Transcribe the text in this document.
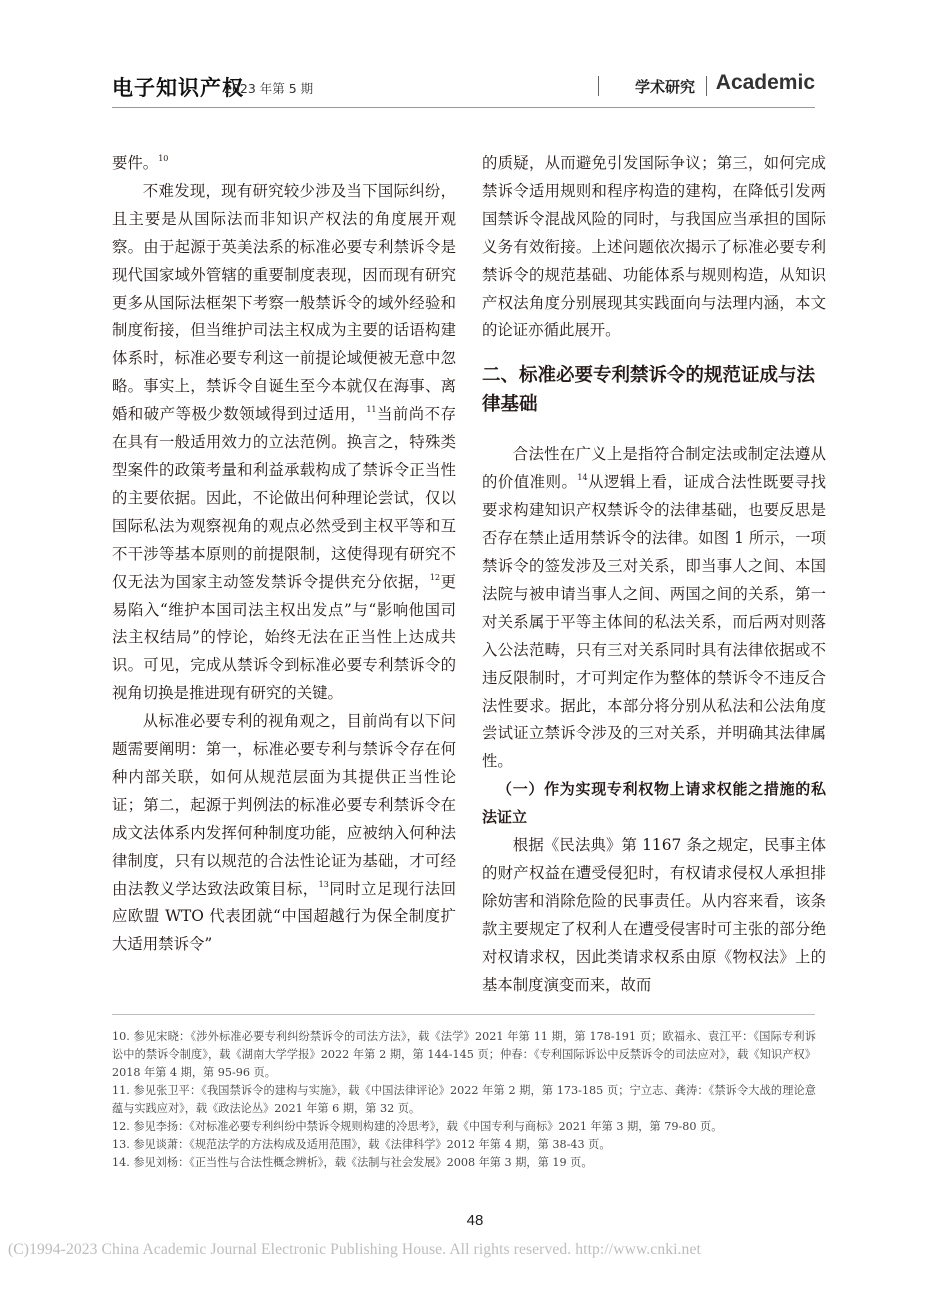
电子知识产权
2023 年第 5 期	学术研究 Academic

要件。$^{10}$

不难发现，现有研究较少涉及当下国际纠纷，且主要是从国际法而非知识产权法的角度展开观察。由于起源于英美法系的标准必要专利禁诉令是现代国家域外管辖的重要制度表现，因而现有研究更多从国际法框架下考察一般禁诉令的域外经验和制度衔接，但当维护司法主权成为主要的话语构建体系时，标准必要专利这一前提论域便被无意中忽略。事实上，禁诉令自诞生至今本就仅在海事、离婚和破产等极少数领域得到过适用，$^{11}$当前尚不存在具有一般适用效力的立法范例。换言之，特殊类型案件的政策考量和利益承载构成了禁诉令正当性的主要依据。因此，不论做出何种理论尝试，仅以国际私法为观察视角的观点必然受到主权平等和互不干涉等基本原则的前提限制，这使得现有研究不仅无法为国家主动签发禁诉令提供充分依据，$^{12}$更易陷入“维护本国司法主权出发点”与“影响他国司法主权结局”的悖论，始终无法在正当性上达成共识。可见，完成从禁诉令到标准必要专利禁诉令的视角切换是推进现有研究的关键。

从标准必要专利的视角观之，目前尚有以下问题需要阐明：第一，标准必要专利与禁诉令存在何种内部关联，如何从规范层面为其提供正当性论证；第二，起源于判例法的标准必要专利禁诉令在成文法体系内发挥何种制度功能，应被纳入何种法律制度，只有以规范的合法性论证为基础，才可经由法教义学达致法政策目标，$^{13}$同时立足现行法回应欧盟 WTO 代表团就“中国超越行为保全制度扩大适用禁诉令”

的质疑，从而避免引发国际争议；第三，如何完成禁诉令适用规则和程序构造的建构，在降低引发两国禁诉令混战风险的同时，与我国应当承担的国际义务有效衔接。上述问题依次揭示了标准必要专利禁诉令的规范基础、功能体系与规则构造，从知识产权法角度分别展现其实践面向与法理内涵，本文的论证亦循此展开。

二、标准必要专利禁诉令的规范证成与法律基础

合法性在广义上是指符合制定法或制定法遵从的价值准则。$^{14}$从逻辑上看，证成合法性既要寻找要求构建知识产权禁诉令的法律基础，也要反思是否存在禁止适用禁诉令的法律。如图 1 所示，一项禁诉令的签发涉及三对关系，即当事人之间、本国法院与被申请当事人之间、两国之间的关系，第一对关系属于平等主体间的私法关系，而后两对则落入公法范畴，只有三对关系同时具有法律依据或不违反限制时，才可判定作为整体的禁诉令不违反合法性要求。据此，本部分将分别从私法和公法角度尝试证立禁诉令涉及的三对关系，并明确其法律属性。

（一）作为实现专利权物上请求权能之措施的私法证立

根据《民法典》第 1167 条之规定，民事主体的财产权益在遭受侵犯时，有权请求侵权人承担排除妨害和消除危险的民事责任。从内容来看，该条款主要规定了权利人在遭受侵害时可主张的部分绝对权请求权，因此类请求权系由原《物权法》上的基本制度演变而来，故而

10. 参见宋晓：《涉外标准必要专利纠纷禁诉令的司法方法》，载《法学》2021 年第 11 期，第 178-191 页；欧福永、袁江平：《国际专利诉讼中的禁诉令制度》，载《湖南大学学报》2022 年第 2 期，第 144-145 页；仲春：《专利国际诉讼中反禁诉令的司法应对》，载《知识产权》2018 年第 4 期，第 95-96 页。
11. 参见张卫平：《我国禁诉令的建构与实施》，载《中国法律评论》2022 年第 2 期，第 173-185 页；宁立志、龚涛：《禁诉令大战的理论意蕴与实践应对》，载《政法论丛》2021 年第 6 期，第 32 页。
12. 参见李扬：《对标准必要专利纠纷中禁诉令规则构建的冷思考》，载《中国专利与商标》2021 年第 3 期，第 79-80 页。
13. 参见谈萧：《规范法学的方法构成及适用范围》，载《法律科学》2012 年第 4 期，第 38-43 页。
14. 参见刘杨：《正当性与合法性概念辨析》，载《法制与社会发展》2008 年第 3 期，第 19 页。
48
(C)1994-2023 China Academic Journal Electronic Publishing House. All rights reserved. http://www.cnki.net
